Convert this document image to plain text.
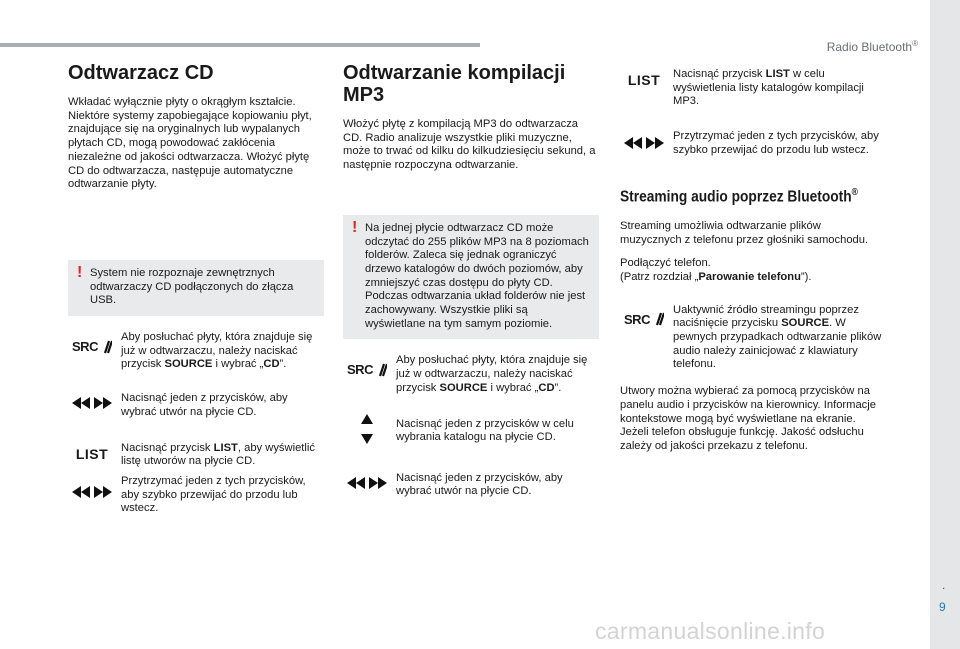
Radio Bluetooth®
Odtwarzacz CD

Wkładać wyłącznie płyty o okrągłym kształcie. Niektóre systemy zapobiegające kopiowaniu płyt, znajdujące się na oryginalnych lub wypalanych płytach CD, mogą powodować zakłócenia niezależne od jakości odtwarzacza. Włożyć płytę CD do odtwarzacza, następuje automatyczne odtwarzanie płyty.

! System nie rozpoznaje zewnętrznych odtwarzaczy CD podłączonych do złącza USB.
SRC
Aby posłuchać płyty, która znajduje się już w odtwarzaczu, należy naciskać przycisk SOURCE i wybrać „CD”.

Nacisnąć jeden z przycisków, aby wybrać utwór na płycie CD.
LIST Nacisnąć przycisk LIST, aby wyświetlić listę utworów na płycie CD.

Przytrzymać jeden z tych przycisków, aby szybko przewijać do przodu lub wstecz.
Odtwarzanie kompilacji MP3

Włożyć płytę z kompilacją MP3 do odtwarzacza CD. Radio analizuje wszystkie pliki muzyczne, może to trwać od kilku do kilkudziesięciu sekund, a następnie rozpoczyna odtwarzanie.

! Na jednej płycie odtwarzacz CD może odczytać do 255 plików MP3 na 8 poziomach folderów. Zaleca się jednak ograniczyć drzewo katalogów do dwóch poziomów, aby zmniejszyć czas dostępu do płyty CD. Podczas odtwarzania układ folderów nie jest zachowywany. Wszystkie pliki są wyświetlane na tym samym poziomie.
SRC
Aby posłuchać płyty, która znajduje się już w odtwarzaczu, należy naciskać przycisk SOURCE i wybrać „CD”.
Nacisnąć jeden z przycisków w celu wybrania katalogu na płycie CD.

Nacisnąć jeden z przycisków, aby wybrać utwór na płycie CD.
LIST Nacisnąć przycisk LIST w celu wyświetlenia listy katalogów kompilacji MP3.

Przytrzymać jeden z tych przycisków, aby szybko przewijać do przodu lub wstecz.
Streaming audio poprzez Bluetooth®

Streaming umożliwia odtwarzanie plików muzycznych z telefonu przez głośniki samochodu.

Podłączyć telefon.
(Patrz rozdział „Parowanie telefonu”).

SRC
Uaktywnić źródło streamingu poprzez naciśnięcie przycisku SOURCE. W pewnych przypadkach odtwarzanie plików audio należy zainicjować z klawiatury telefonu.

Utwory można wybierać za pomocą przycisków na panelu audio i przycisków na kierownicy. Informacje kontekstowe mogą być wyświetlane na ekranie. Jeżeli telefon obsługuje funkcję. Jakość odsłuchu zależy od jakości przekazu z telefonu.

.
9
carmanualsonline.info
